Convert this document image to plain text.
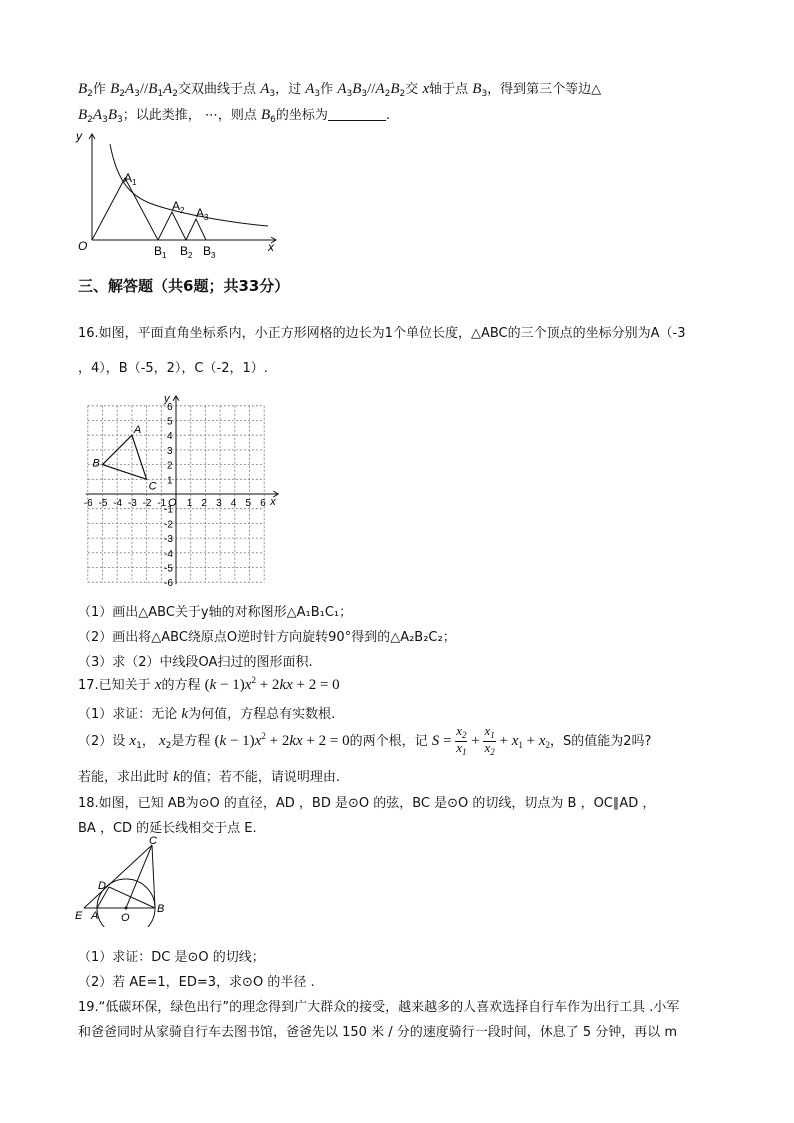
$B_2$作 $B_2A_3//B_1A_2$交双曲线于点 $A_3$，过 $A_3$作 $A_3B_3//A_2B_2$交 x轴于点 $B_3$，得到第三个等边△
$B_2A_3B_3$；以此类推， ⋯，则点 $B_6$的坐标为	.
y
x
O
$A_1$
$A_2$ $A_3$
$B_1$ $B_2$ $B_3$
三、解答题（共6题；共33分）
16.如图，平面直角坐标系内，小正方形网格的边长为1个单位长度，△ABC的三个顶点的坐标分别为A（-3
，4），B（-5，2），C（-2，1）.
-6 -5 -4 -3 -2 -1 1 2 3 4 5 6
6
5
4
3
2
1
-1
-2
-3
-4
-5
-6
O	x
y
A
B
C
（1）画出△ABC关于y轴的对称图形△A₁B₁C₁；
（2）画出将△ABC绕原点O逆时针方向旋转90°得到的△A₂B₂C₂；
（3）求（2）中线段OA扫过的图形面积.
17.已知关于 x的方程 $(k - 1)x^2 + 2kx + 2 = 0$
（1）求证：无论 k为何值，方程总有实数根.
（2）设 $x_1$， $x_2$是方程 $(k - 1)x^2 + 2kx + 2 = 0$的两个根，记 $S = \frac{x_2}{x_1} + \frac{x_1}{x_2} + x_1 + x_2$，S的值能为2吗?
若能，求出此时 k的值；若不能，请说明理由.
18.如图，已知 AB为⊙O 的直径，AD ，BD 是⊙O 的弦，BC 是⊙O 的切线，切点为 B ，OC∥AD ，
BA ，CD 的延长线相交于点 E.
C
D
E A O
B
（1）求证：DC 是⊙O 的切线；
（2）若 AE=1，ED=3，求⊙O 的半径 .
19.“低碳环保，绿色出行”的理念得到广大群众的接受，越来越多的人喜欢选择自行车作为出行工具 .小军
和爸爸同时从家骑自行车去图书馆，爸爸先以 150 米 / 分的速度骑行一段时间，休息了 5 分钟，再以 m
